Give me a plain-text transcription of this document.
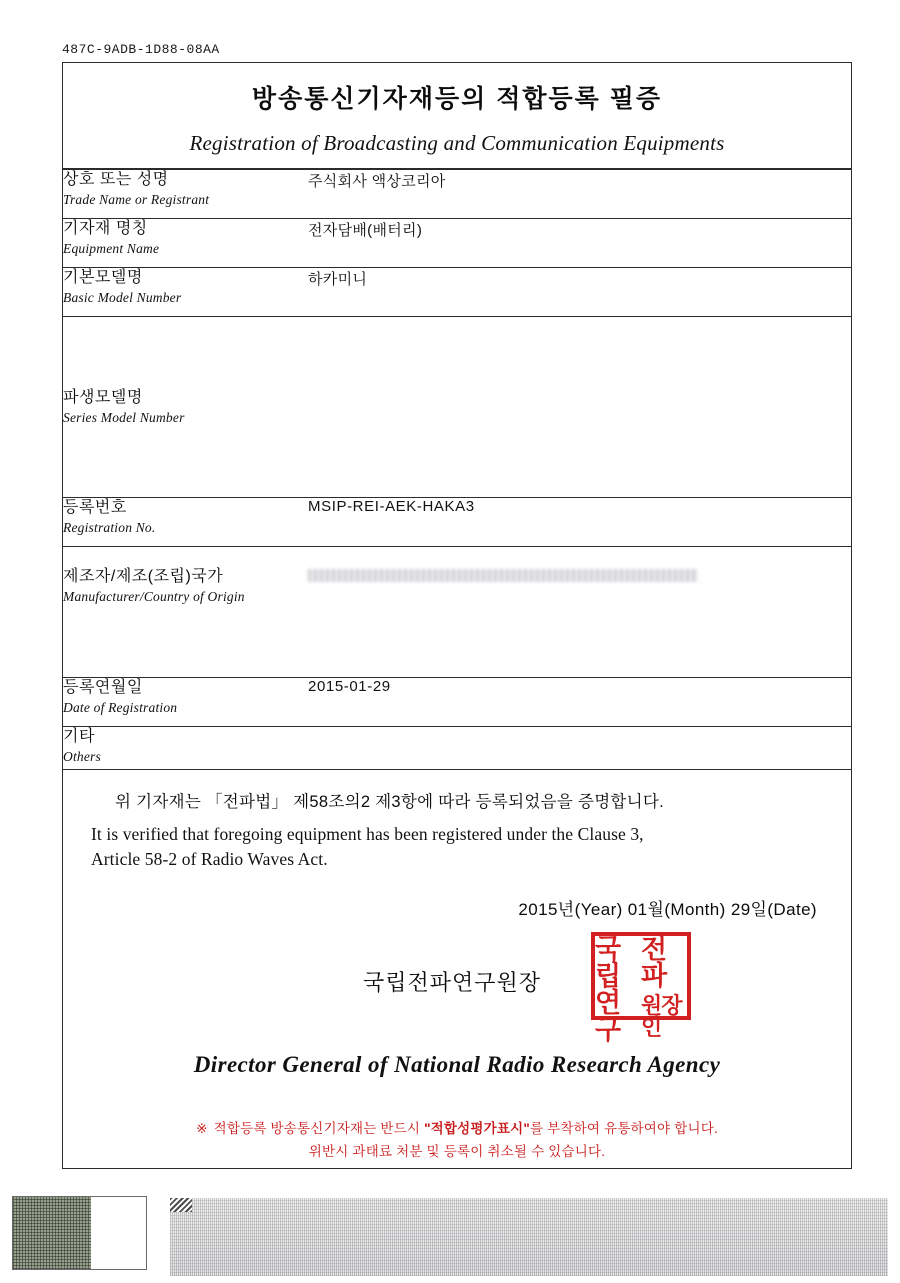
487C-9ADB-1D88-08AA
방송통신기자재등의 적합등록 필증
Registration of Broadcasting and Communication Equipments
상호 또는 성명
Trade Name or Registrant	주식회사 액상코리아

기자재 명칭
Equipment Name	전자담배(배터리)

기본모델명
Basic Model Number	하카미니

파생모델명
Series Model Number	

등록번호
Registration No.	MSIP-REI-AEK-HAKA3

제조자/제조(조립)국가
Manufacturer/Country of Origin	

등록연월일
Date of Registration	2015-01-29

기타
Others	

위 기자재는 「전파법」 제58조의2 제3항에 따라 등록되었음을 증명합니다.
It is verified that foregoing equipment has been registered under the Clause 3,
Article 58-2 of Radio Waves Act.
2015년(Year) 01월(Month) 29일(Date)
국립전파연구원장
국립
전파
연구
원장인
Director General of National Radio Research Agency
※ 적합등록 방송통신기자재는 반드시 "적합성평가표시"를 부착하여 유통하여야 합니다.
위반시 과태료 처분 및 등록이 취소될 수 있습니다.
